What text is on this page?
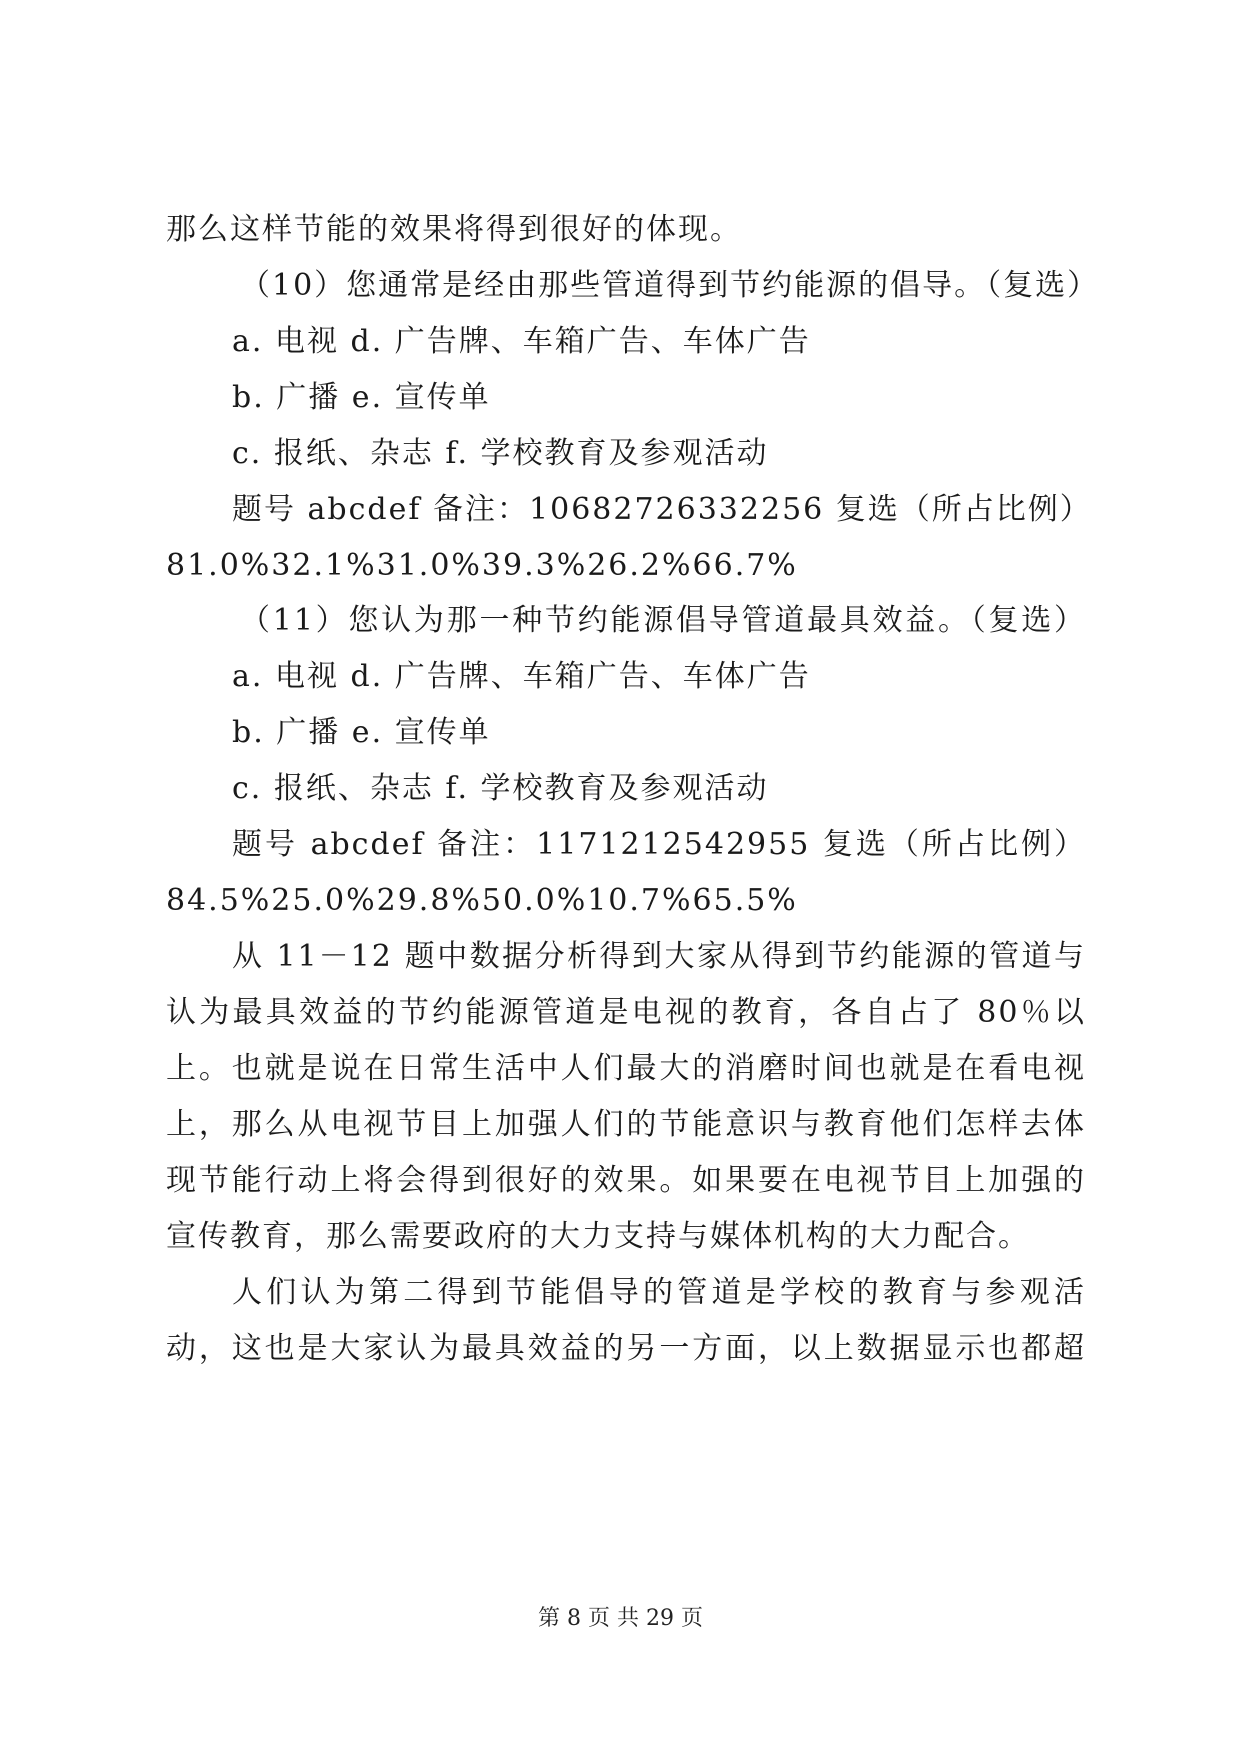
那么这样节能的效果将得到很好的体现。
（10）您通常是经由那些管道得到节约能源的倡导。（复选）
a. 电视 d. 广告牌、车箱广告、车体广告
b. 广播 e. 宣传单
c. 报纸、杂志 f. 学校教育及参观活动
题号 abcdef 备注：10682726332256 复选（所占比例）
81.0%32.1%31.0%39.3%26.2%66.7%
（11）您认为那一种节约能源倡导管道最具效益。（复选）
a. 电视 d. 广告牌、车箱广告、车体广告
b. 广播 e. 宣传单
c. 报纸、杂志 f. 学校教育及参观活动
题号 abcdef 备注：1171212542955 复选（所占比例）
84.5%25.0%29.8%50.0%10.7%65.5%
从 11－12 题中数据分析得到大家从得到节约能源的管道与
认为最具效益的节约能源管道是电视的教育，各自占了 80％以
上。也就是说在日常生活中人们最大的消磨时间也就是在看电视
上，那么从电视节目上加强人们的节能意识与教育他们怎样去体
现节能行动上将会得到很好的效果。如果要在电视节目上加强的
宣传教育，那么需要政府的大力支持与媒体机构的大力配合。
人们认为第二得到节能倡导的管道是学校的教育与参观活
动，这也是大家认为最具效益的另一方面，以上数据显示也都超
第 8 页 共 29 页
